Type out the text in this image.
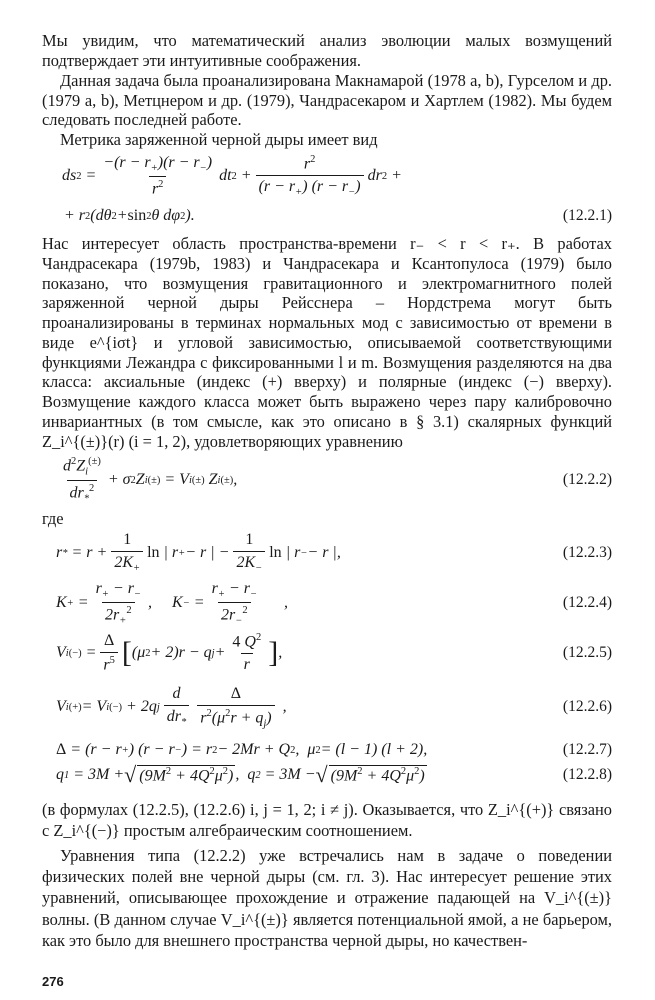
Мы увидим, что математический анализ эволюции малых возмущений подтверждает эти интуитивные соображения.

Данная задача была проанализирована Макнамарой (1978 a, b), Гурселом и др. (1979 a, b), Метцнером и др. (1979), Чандрасекаром и Хартлем (1982). Мы будем следовать последней работе.

Метрика заряженной черной дыры имеет вид

ds $2 = \frac{-(r - r_+)(r - r_-)}{r^2}$ dt $2 + \frac{r^2}{(r - r_+) (r - r_-)}$ dr 2 +
+ r 2 (dθ 2 + sin 2 θ dφ 2 ).	(12.2.1)

Нас интересует область пространства-времени r₋ < r < r₊. В работах Чандрасекара (1979b, 1983) и Чандрасекара и Ксантопулоса (1979) было показано, что возмущения гравитационного и электромагнитного полей заряженной черной дыры Рейсснера – Нордстрема могут быть проанализированы в терминах нормальных мод с зависимостью от времени в виде e^{iσt} и угловой зависимостью, описываемой соответствующими функциями Лежандра с фиксированными l и m. Возмущения разделяются на два класса: аксиальные (индекс (+) вверху) и полярные (индекс (−) вверху). Возмущение каждого класса может быть выражено через пару калибровочно инвариантных (в том смысле, как это описано в § 3.1) скалярных функций Z_i^{(±)}(r) (i = 1, 2), удовлетворяющих уравнению

$\frac{d^2Z_i^{(\pm)}}{dr_*^2} + \sigma$ 2 Z i (±) = V i (±) Z i (±) ,	(12.2.2)

где

r * = $r + \frac{1}{2K_+}$ ln | r + − r | − $\frac{1}{2K_-}$ ln | r − − r |,	(12.2.3)
K + = $\frac{r_+ - r_-}{2r_+^2}$ , K − = $\frac{r_+ - r_-}{2r_-^2}$ ,	(12.2.4)
V i (−) = $\frac{\Delta}{r^5}$ [ (μ 2 + 2)r − q $j + \frac{4 Q^2}{r}$ ] ,	(12.2.5)
V i (+) = V i (−) + 2q j $\frac{d}{dr_*} \frac{\Delta}{r^2(\mu^2r + q_j)}$ ,	(12.2.6)
Δ = (r − r + ) (r − r − ) = r 2 − 2Mr + Q 2 ,  μ 2 = (l − 1) (l + 2),	(12.2.7)
q 1 = 3M + √ $(9M^2 + 4Q^2\mu^2)$ ,  q 2 = 3M − √ $(9M^2 + 4Q^2\mu^2)$	(12.2.8)

(в формулах (12.2.5), (12.2.6) i, j = 1, 2; i ≠ j). Оказывается, что Z_i^{(+)} связано с Z_i^{(−)} простым алгебраическим соотношением.

Уравнения типа (12.2.2) уже встречались нам в задаче о поведении физических полей вне черной дыры (см. гл. 3). Нас интересует решение этих уравнений, описывающее прохождение и отражение падающей на V_i^{(±)} волны. (В данном случае V_i^{(±)} является потенциальной ямой, а не барьером, как это было для внешнего пространства черной дыры, но качествен-

276
